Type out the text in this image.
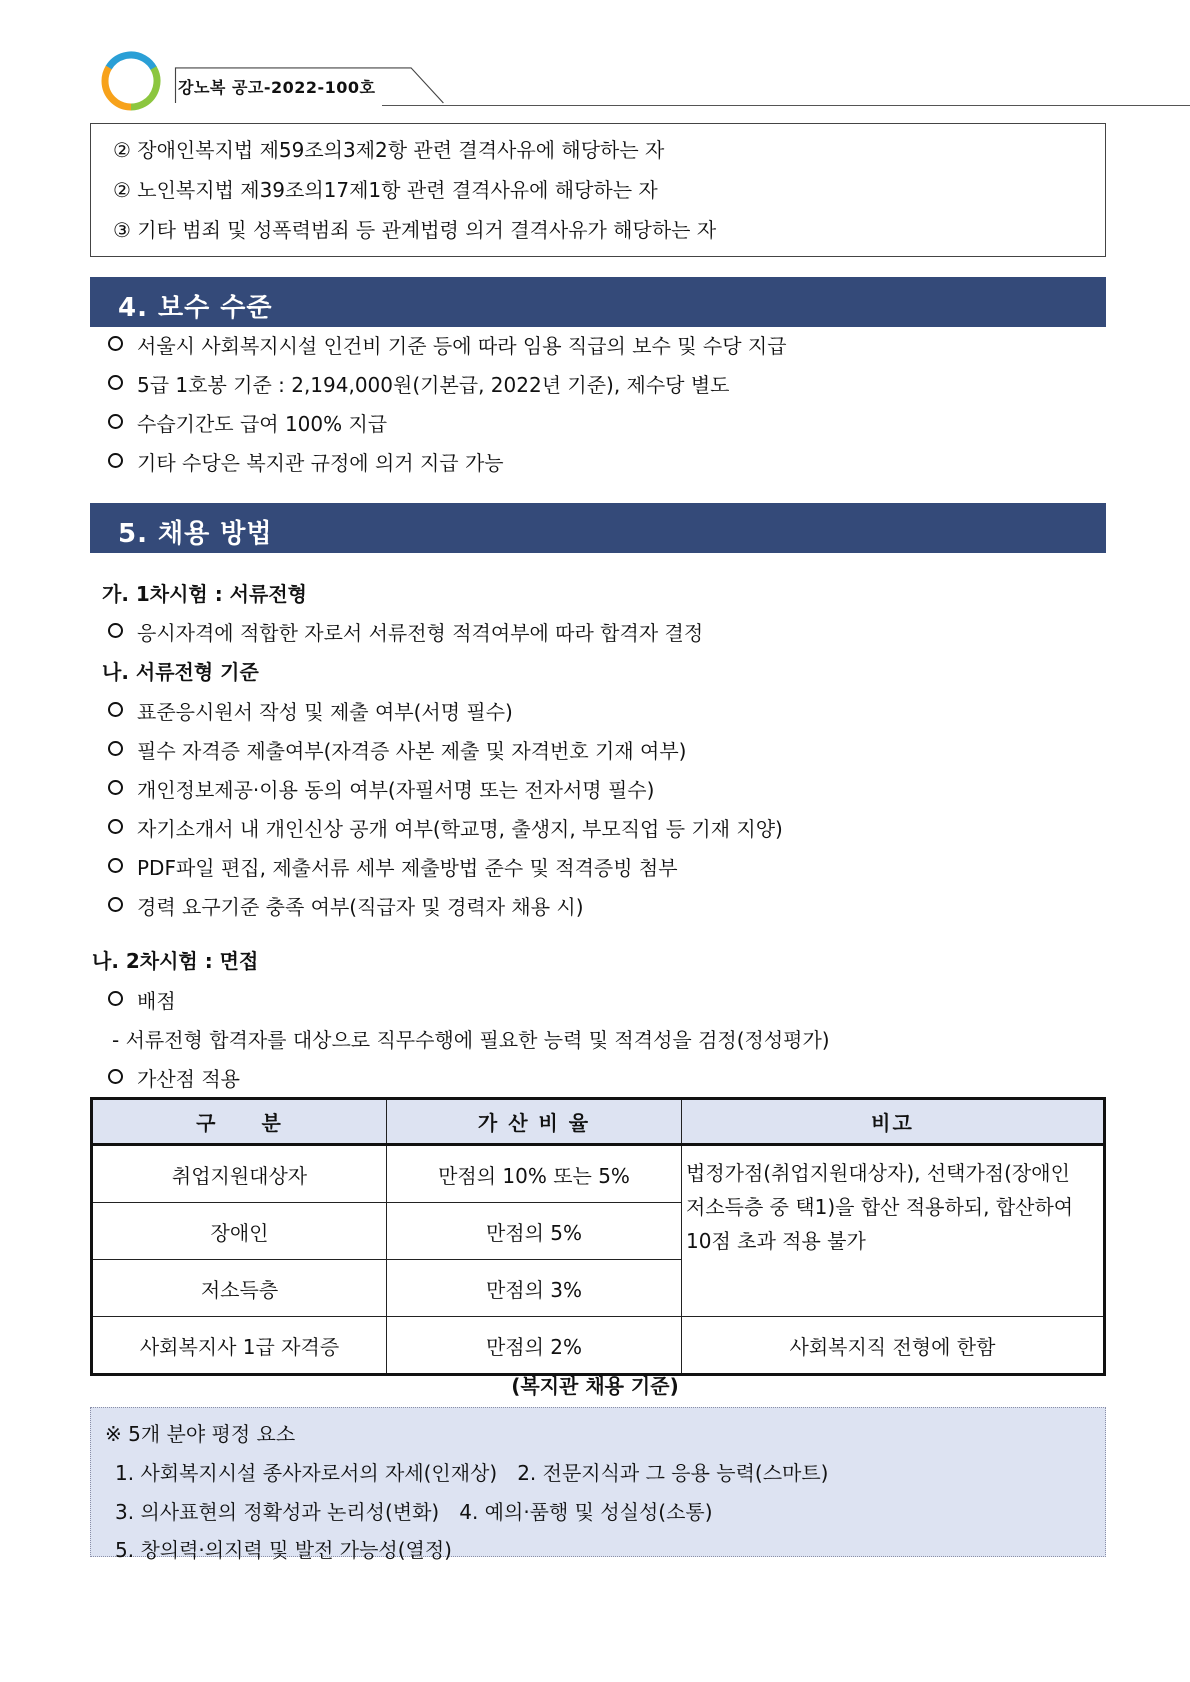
강노복 공고-2022-100호
② 장애인복지법 제59조의3제2항 관련 결격사유에 해당하는 자
② 노인복지법 제39조의17제1항 관련 결격사유에 해당하는 자
③ 기타 범죄 및 성폭력범죄 등 관계법령 의거 결격사유가 해당하는 자
4. 보수 수준
서울시 사회복지시설 인건비 기준 등에 따라 임용 직급의 보수 및 수당 지급
5급 1호봉 기준 : 2,194,000원(기본급, 2022년 기준), 제수당 별도
수습기간도 급여 100% 지급
기타 수당은 복지관 규정에 의거 지급 가능
5. 채용 방법
가. 1차시험 : 서류전형
응시자격에 적합한 자로서 서류전형 적격여부에 따라 합격자 결정
나. 서류전형 기준
표준응시원서 작성 및 제출 여부(서명 필수)
필수 자격증 제출여부(자격증 사본 제출 및 자격번호 기재 여부)
개인정보제공·이용 동의 여부(자필서명 또는 전자서명 필수)
자기소개서 내 개인신상 공개 여부(학교명, 출생지, 부모직업 등 기재 지양)
PDF파일 편집, 제출서류 세부 제출방법 준수 및 적격증빙 첨부
경력 요구기준 충족 여부(직급자 및 경력자 채용 시)
나. 2차시험 : 면접
배점
- 서류전형 합격자를 대상으로 직무수행에 필요한 능력 및 적격성을 검정(정성평가)
가산점 적용
구　　분	가 산 비 율	비고
취업지원대상자	만점의 10% 또는 5%	법정가점(취업지원대상자), 선택가점(장애인
저소득층 중 택1)을 합산 적용하되, 합산하여
10점 초과 적용 불가

장애인	만점의 5%	
저소득층	만점의 3%	
사회복지사 1급 자격증	만점의 2%	사회복지직 전형에 한함
(복지관 채용 기준)
※ 5개 분야 평정 요소
1. 사회복지시설 종사자로서의 자세(인재상)　2. 전문지식과 그 응용 능력(스마트)
3. 의사표현의 정확성과 논리성(변화)　4. 예의·품행 및 성실성(소통)
5. 창의력·의지력 및 발전 가능성(열정)
